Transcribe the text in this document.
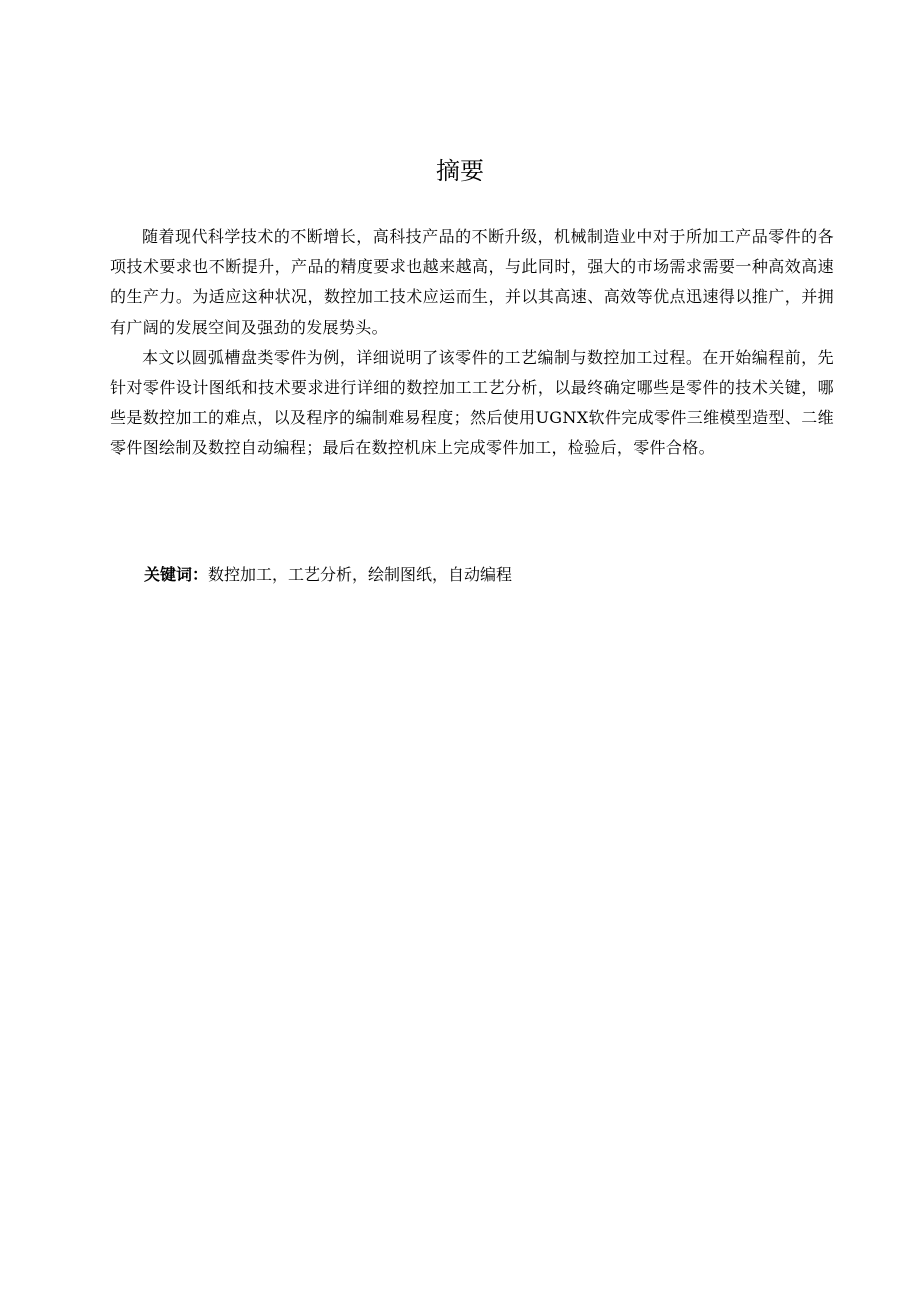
摘要

随着现代科学技术的不断增长，高科技产品的不断升级，机械制造业中对于所加工产品零件的各项技术要求也不断提升，产品的精度要求也越来越高，与此同时，强大的市场需求需要一种高效高速的生产力。为适应这种状况，数控加工技术应运而生，并以其高速、高效等优点迅速得以推广，并拥有广阔的发展空间及强劲的发展势头。

本文以圆弧槽盘类零件为例，详细说明了该零件的工艺编制与数控加工过程。在开始编程前，先针对零件设计图纸和技术要求进行详细的数控加工工艺分析，以最终确定哪些是零件的技术关键，哪些是数控加工的难点，以及程序的编制难易程度；然后使用UGNX软件完成零件三维模型造型、二维零件图绘制及数控自动编程；最后在数控机床上完成零件加工，检验后，零件合格。

关键词：数控加工，工艺分析，绘制图纸，自动编程
